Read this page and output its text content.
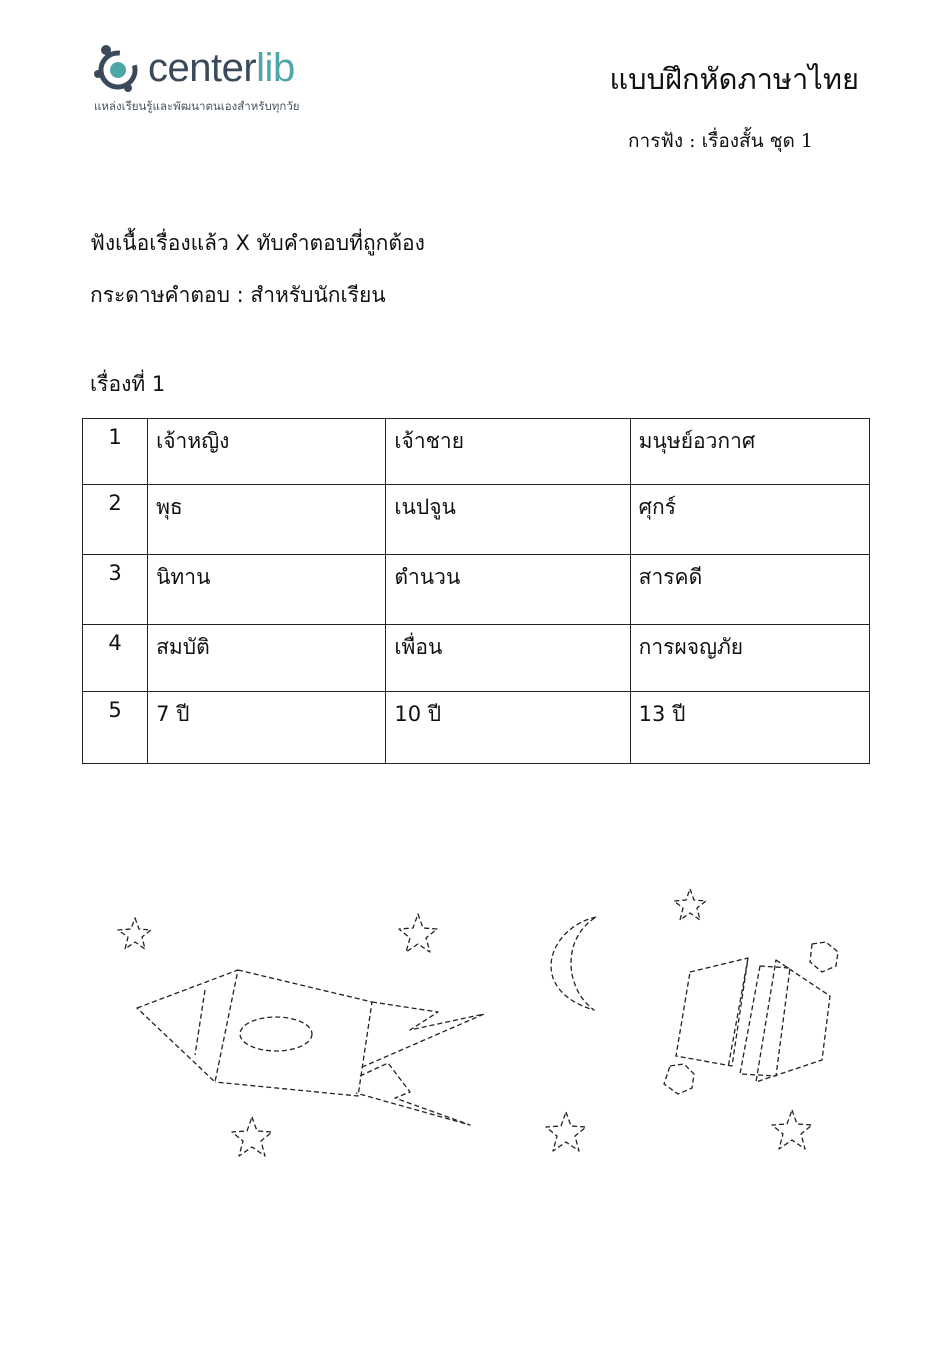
centerlib
แหล่งเรียนรู้และพัฒนาตนเองสำหรับทุกวัย
แบบฝึกหัดภาษาไทย
การฟัง : เรื่องสั้น ชุด 1
ฟังเนื้อเรื่องแล้ว X ทับคำตอบที่ถูกต้อง
กระดาษคำตอบ : สำหรับนักเรียน
เรื่องที่ 1
1	เจ้าหญิง	เจ้าชาย	มนุษย์อวกาศ
2	พุธ	เนปจูน	ศุกร์
3	นิทาน	ตำนวน	สารคดี
4	สมบัติ	เพื่อน	การผจญภัย
5	7 ปี	10 ปี	13 ปี
